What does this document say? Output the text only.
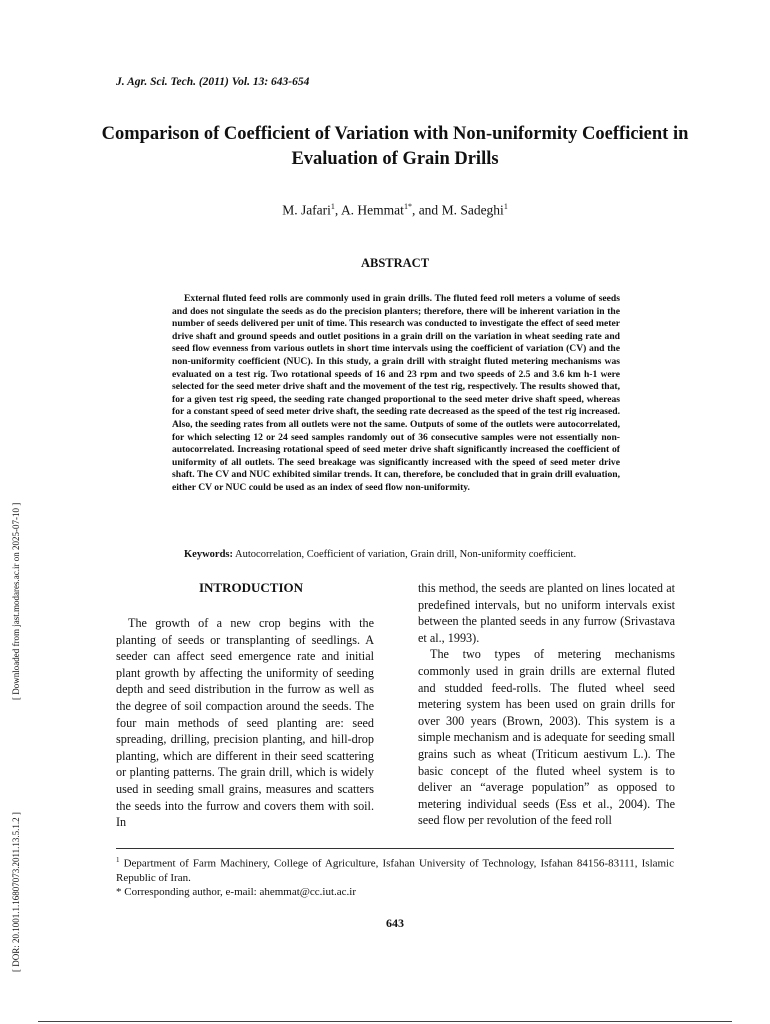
J. Agr. Sci. Tech. (2011) Vol. 13: 643-654
Comparison of Coefficient of Variation with Non-uniformity Coefficient in Evaluation of Grain Drills
M. Jafari$^1$, A. Hemmat$^{1*}$, and M. Sadeghi$^1$
ABSTRACT
External fluted feed rolls are commonly used in grain drills. The fluted feed roll meters a volume of seeds and does not singulate the seeds as do the precision planters; therefore, there will be inherent variation in the number of seeds delivered per unit of time. This research was conducted to investigate the effect of seed meter drive shaft and ground speeds and outlet positions in a grain drill on the variation in wheat seeding rate and seed flow evenness from various outlets in short time intervals using the coefficient of variation (CV) and the non-uniformity coefficient (NUC). In this study, a grain drill with straight fluted metering mechanisms was evaluated on a test rig. Two rotational speeds of 16 and 23 rpm and two speeds of 2.5 and 3.6 km h-1 were selected for the seed meter drive shaft and the movement of the test rig, respectively. The results showed that, for a given test rig speed, the seeding rate changed proportional to the seed meter drive shaft speed, whereas for a constant speed of seed meter drive shaft, the seeding rate decreased as the speed of the test rig increased. Also, the seeding rates from all outlets were not the same. Outputs of some of the outlets were autocorrelated, for which selecting 12 or 24 seed samples randomly out of 36 consecutive samples were not essentially non-autocorrelated. Increasing rotational speed of seed meter drive shaft significantly increased the coefficient of uniformity of all outlets. The seed breakage was significantly increased with the speed of seed meter drive shaft. The CV and NUC exhibited similar trends. It can, therefore, be concluded that in grain drill evaluation, either CV or NUC could be used as an index of seed flow non-uniformity.
Keywords: Autocorrelation, Coefficient of variation, Grain drill, Non-uniformity coefficient.
INTRODUCTION
The growth of a new crop begins with the planting of seeds or transplanting of seedlings. A seeder can affect seed emergence rate and initial plant growth by affecting the uniformity of seeding depth and seed distribution in the furrow as well as the degree of soil compaction around the seeds. The four main methods of seed planting are: seed spreading, drilling, precision planting, and hill-drop planting, which are different in their seed scattering or planting patterns. The grain drill, which is widely used in seeding small grains, measures and scatters the seeds into the furrow and covers them with soil. In

this method, the seeds are planted on lines located at predefined intervals, but no uniform intervals exist between the planted seeds in any furrow (Srivastava et al., 1993).

The two types of metering mechanisms commonly used in grain drills are external fluted and studded feed-rolls. The fluted wheel seed metering system has been used on grain drills for over 300 years (Brown, 2003). This system is a simple mechanism and is adequate for seeding small grains such as wheat (Triticum aestivum L.). The basic concept of the fluted wheel system is to deliver an “average population” as opposed to metering individual seeds (Ess et al., 2004). The seed flow per revolution of the feed roll

$^1$ Department of Farm Machinery, College of Agriculture, Isfahan University of Technology, Isfahan 84156-83111, Islamic Republic of Iran.

* Corresponding author, e-mail: ahemmat@cc.iut.ac.ir

643
[ DOR: 20.1001.1.16807073.2011.13.5.1.2 ]
[ Downloaded from jast.modares.ac.ir on 2025-07-10 ]
